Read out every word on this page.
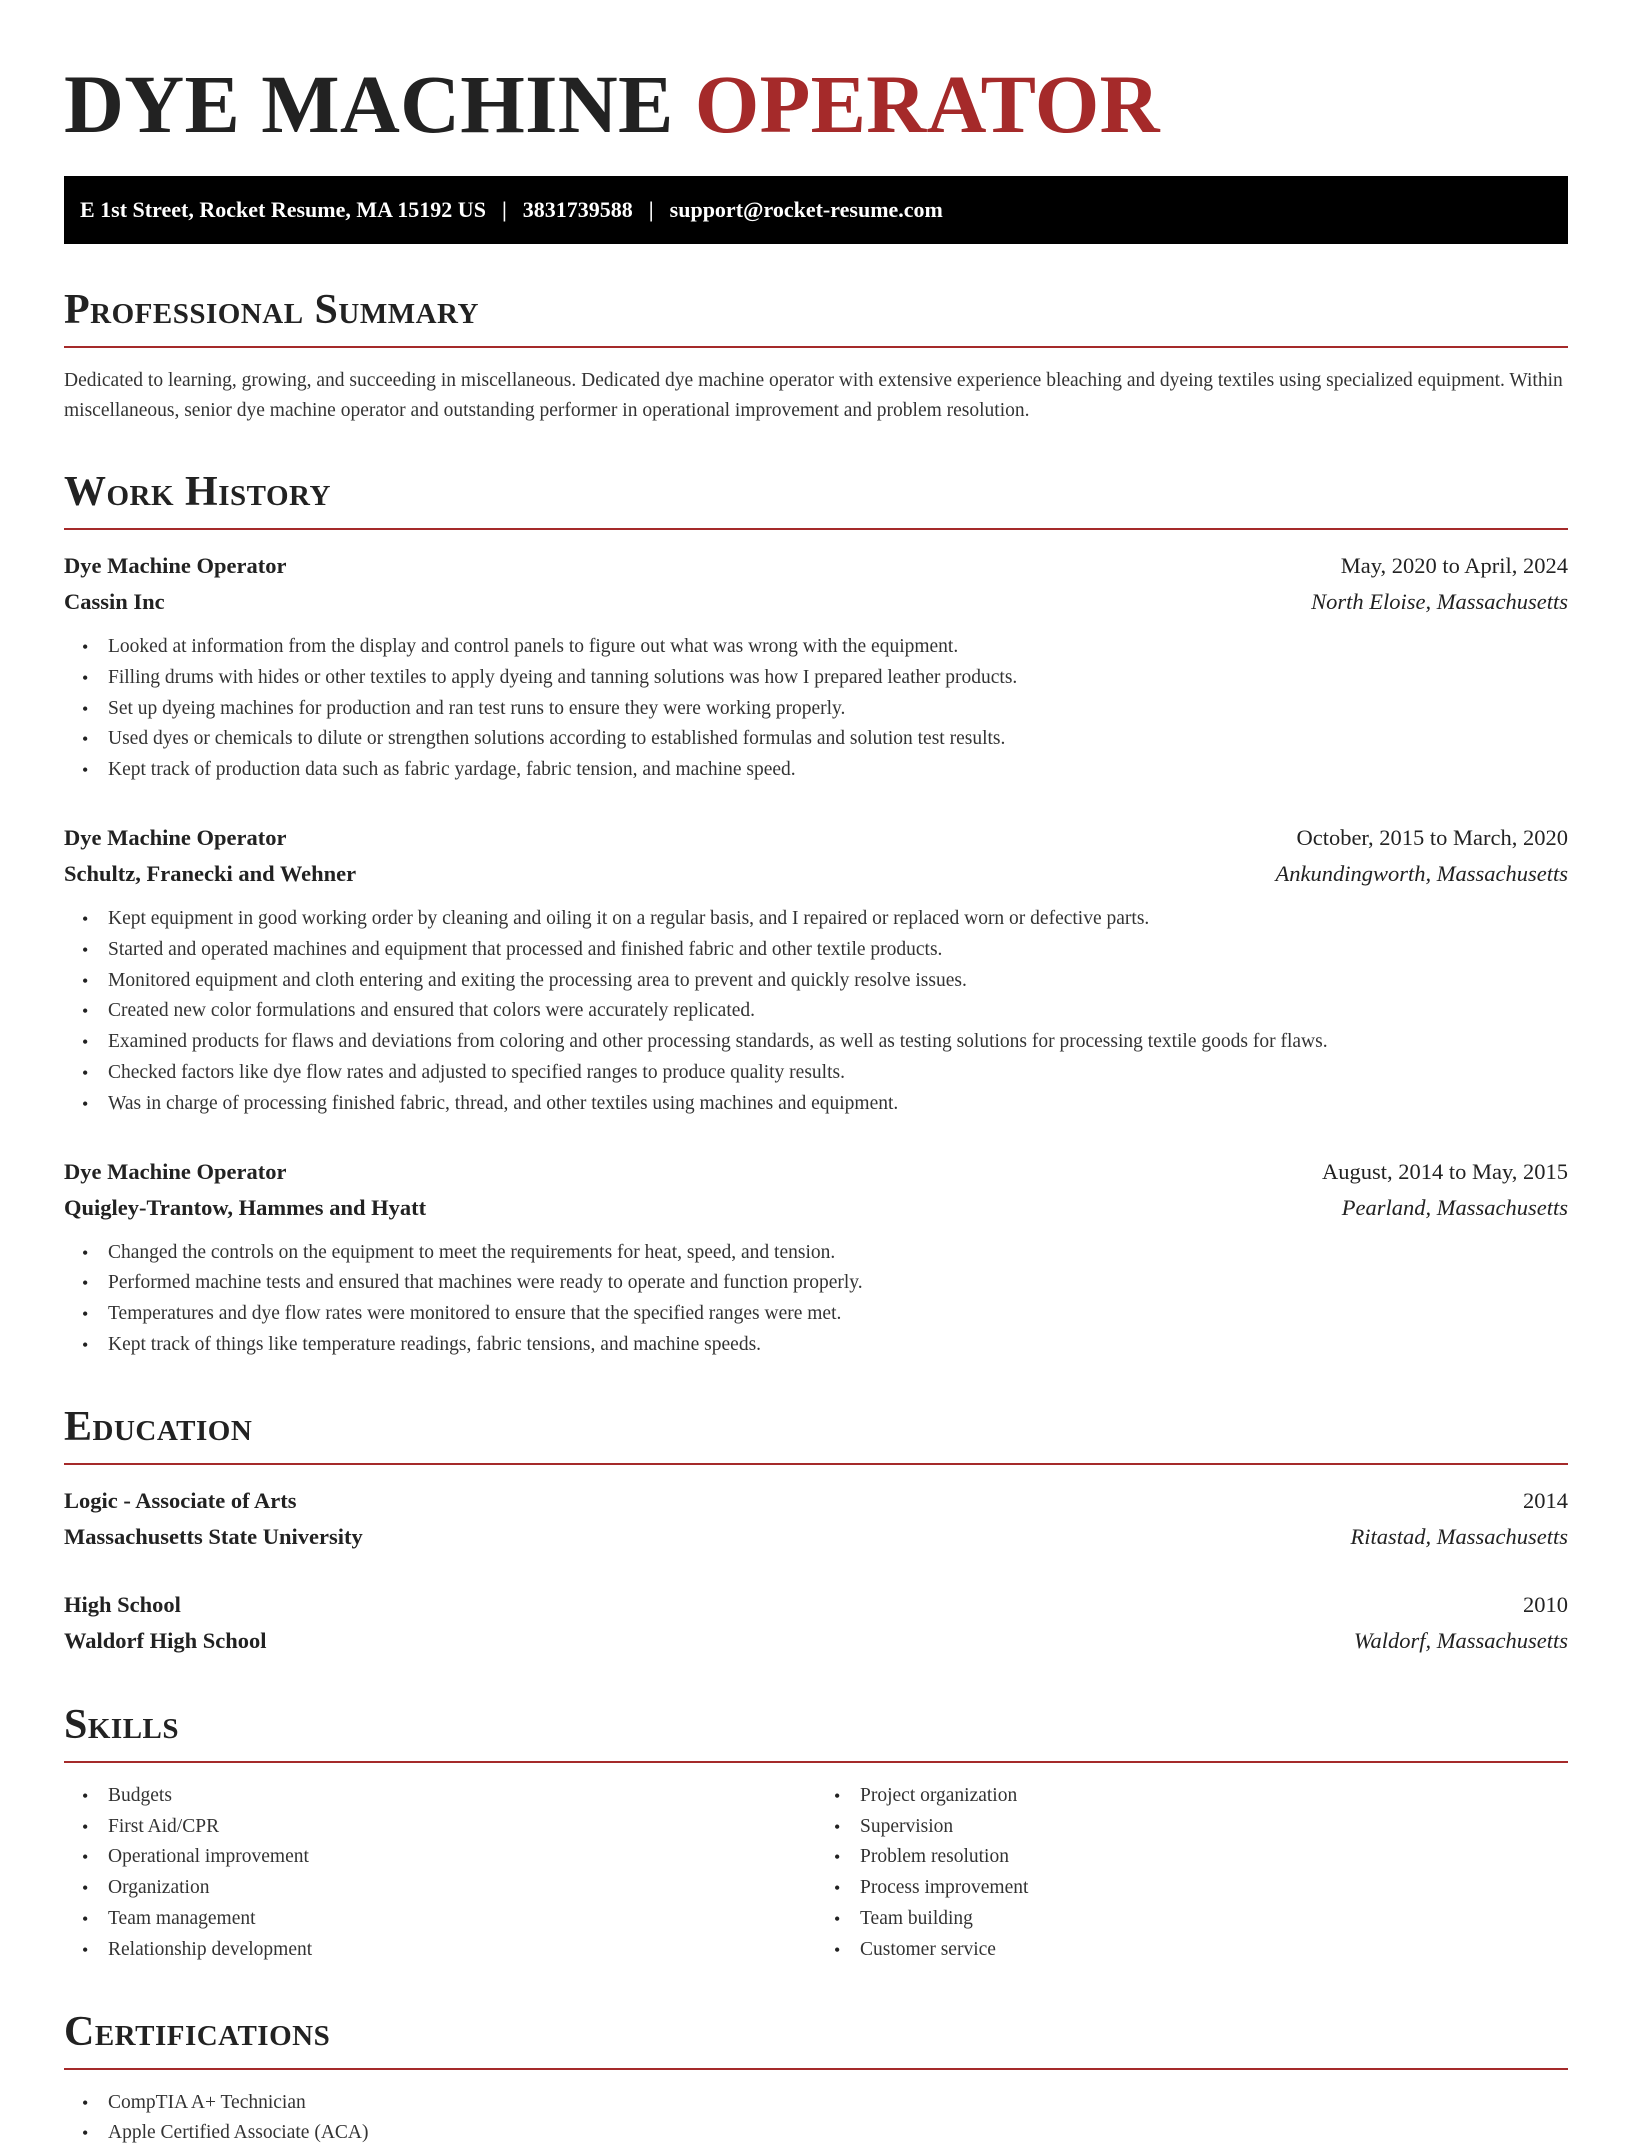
DYE MACHINE OPERATOR
E 1st Street, Rocket Resume, MA 15192 US | 3831739588 | support@rocket-resume.com
Professional Summary

Dedicated to learning, growing, and succeeding in miscellaneous. Dedicated dye machine operator with extensive experience bleaching and dyeing textiles using specialized equipment. Within miscellaneous, senior dye machine operator and outstanding performer in operational improvement and problem resolution.

Work History
Dye Machine Operator	May, 2020 to April, 2024
Cassin Inc	North Eloise, Massachusetts
• Looked at information from the display and control panels to figure out what was wrong with the equipment.
• Filling drums with hides or other textiles to apply dyeing and tanning solutions was how I prepared leather products.
• Set up dyeing machines for production and ran test runs to ensure they were working properly.
• Used dyes or chemicals to dilute or strengthen solutions according to established formulas and solution test results.
• Kept track of production data such as fabric yardage, fabric tension, and machine speed.
Dye Machine Operator	October, 2015 to March, 2020
Schultz, Franecki and Wehner	Ankundingworth, Massachusetts
• Kept equipment in good working order by cleaning and oiling it on a regular basis, and I repaired or replaced worn or defective parts.
• Started and operated machines and equipment that processed and finished fabric and other textile products.
• Monitored equipment and cloth entering and exiting the processing area to prevent and quickly resolve issues.
• Created new color formulations and ensured that colors were accurately replicated.
• Examined products for flaws and deviations from coloring and other processing standards, as well as testing solutions for processing textile goods for flaws.
• Checked factors like dye flow rates and adjusted to specified ranges to produce quality results.
• Was in charge of processing finished fabric, thread, and other textiles using machines and equipment.
Dye Machine Operator	August, 2014 to May, 2015
Quigley-Trantow, Hammes and Hyatt	Pearland, Massachusetts
• Changed the controls on the equipment to meet the requirements for heat, speed, and tension.
• Performed machine tests and ensured that machines were ready to operate and function properly.
• Temperatures and dye flow rates were monitored to ensure that the specified ranges were met.
• Kept track of things like temperature readings, fabric tensions, and machine speeds.
Education
Logic - Associate of Arts	2014
Massachusetts State University	Ritastad, Massachusetts
High School	2010
Waldorf High School	Waldorf, Massachusetts
Skills
• Budgets
• First Aid/CPR
• Operational improvement
• Organization
• Team management
• Relationship development
• Project organization
• Supervision
• Problem resolution
• Process improvement
• Team building
• Customer service
Certifications
• CompTIA A+ Technician
• Apple Certified Associate (ACA)
